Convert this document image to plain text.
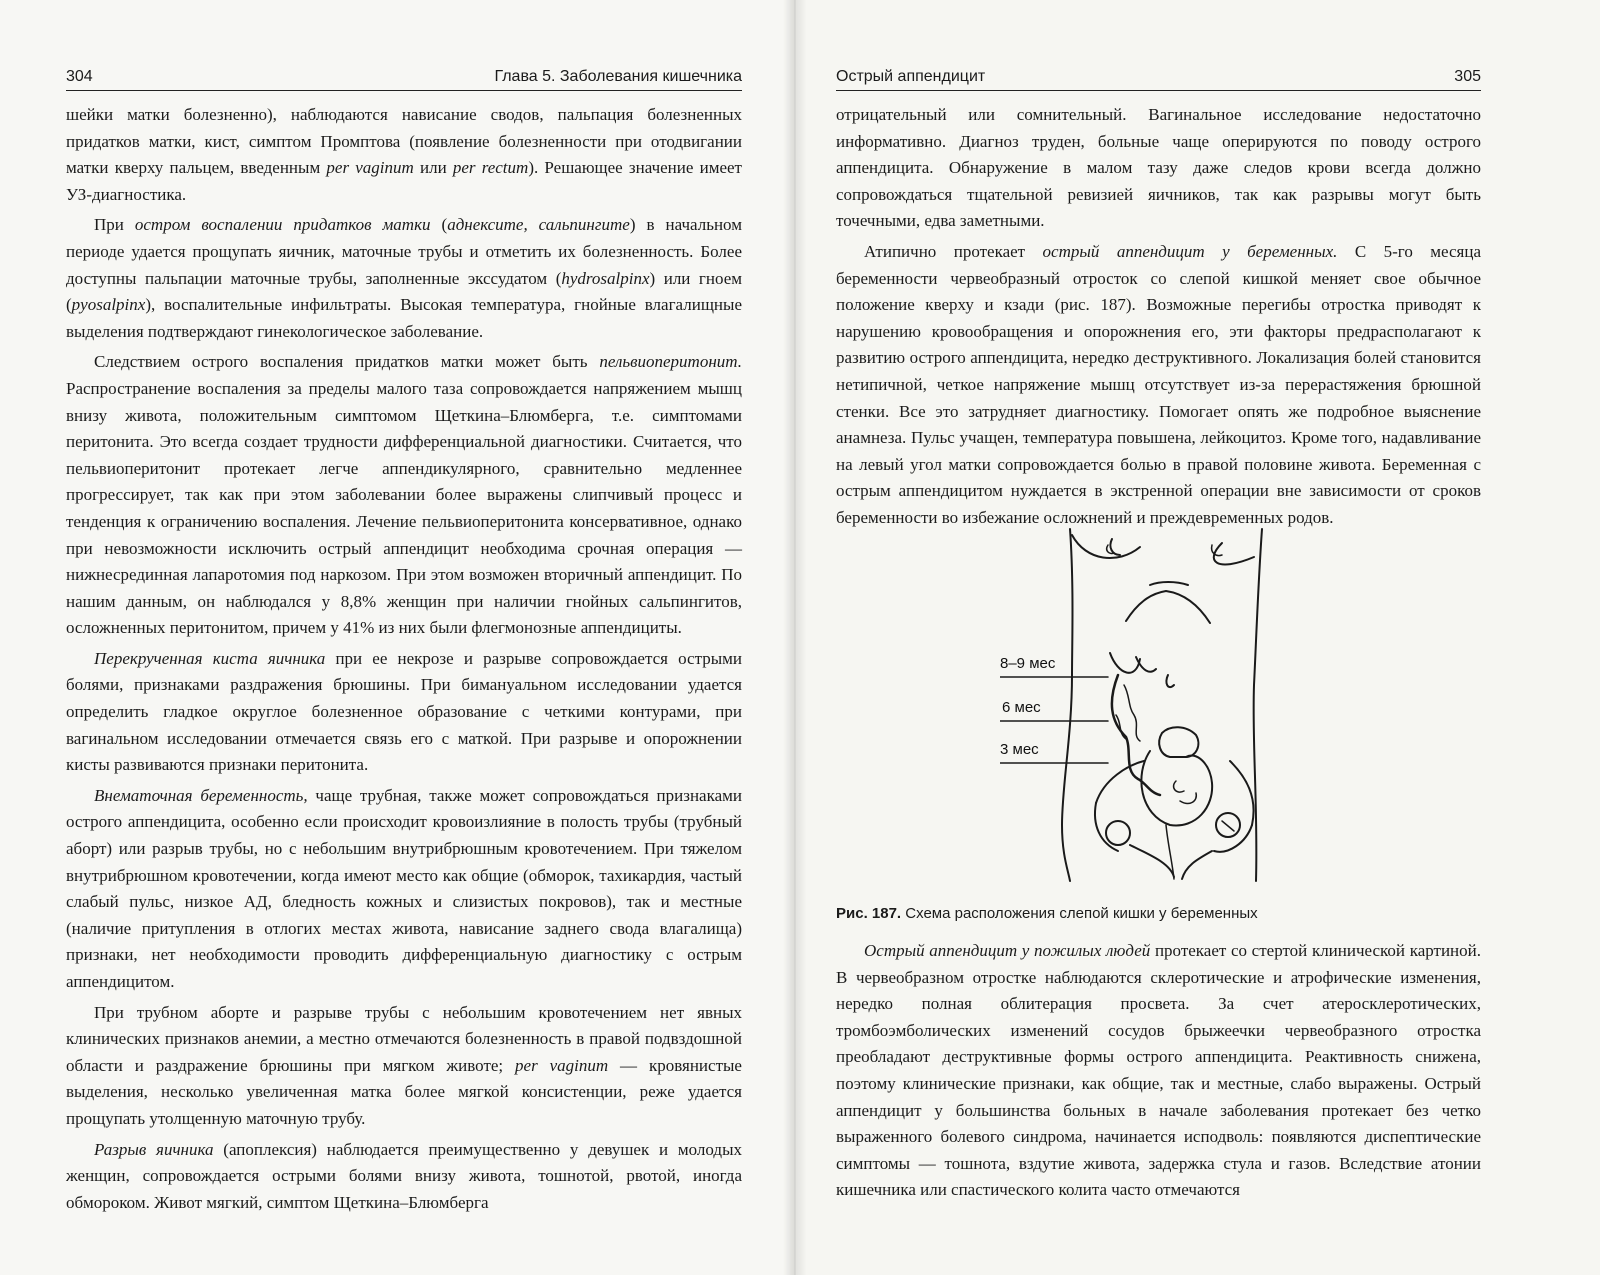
304	Глава 5. Заболевания кишечника

шейки матки болезненно), наблюдаются нависание сводов, пальпация болезненных придатков матки, кист, симптом Промптова (появление болезненности при отодвигании матки кверху пальцем, введенным per vaginum или per rectum). Решающее значение имеет УЗ-диагностика.

При остром воспалении придатков матки (аднексите, сальпингите) в начальном периоде удается прощупать яичник, маточные трубы и отметить их болезненность. Более доступны пальпации маточные трубы, заполненные экссудатом (hydrosalpinx) или гноем (pyosalpinx), воспалительные инфильтраты. Высокая температура, гнойные влагалищные выделения подтверждают гинекологическое заболевание.

Следствием острого воспаления придатков матки может быть пельвиоперитонит. Распространение воспаления за пределы малого таза сопровождается напряжением мышц внизу живота, положительным симптомом Щеткина–Блюмберга, т.е. симптомами перитонита. Это всегда создает трудности дифференциальной диагностики. Считается, что пельвиоперитонит протекает легче аппендикулярного, сравнительно медленнее прогрессирует, так как при этом заболевании более выражены слипчивый процесс и тенденция к ограничению воспаления. Лечение пельвиоперитонита консервативное, однако при невозможности исключить острый аппендицит необходима срочная операция — нижнесрединная лапаротомия под наркозом. При этом возможен вторичный аппендицит. По нашим данным, он наблюдался у 8,8% женщин при наличии гнойных сальпингитов, осложненных перитонитом, причем у 41% из них были флегмонозные аппендициты.

Перекрученная киста яичника при ее некрозе и разрыве сопровождается острыми болями, признаками раздражения брюшины. При бимануальном исследовании удается определить гладкое округлое болезненное образование с четкими контурами, при вагинальном исследовании отмечается связь его с маткой. При разрыве и опорожнении кисты развиваются признаки перитонита.

Внематочная беременность, чаще трубная, также может сопровождаться признаками острого аппендицита, особенно если происходит кровоизлияние в полость трубы (трубный аборт) или разрыв трубы, но с небольшим внутрибрюшным кровотечением. При тяжелом внутрибрюшном кровотечении, когда имеют место как общие (обморок, тахикардия, частый слабый пульс, низкое АД, бледность кожных и слизистых покровов), так и местные (наличие притупления в отлогих местах живота, нависание заднего свода влагалища) признаки, нет необходимости проводить дифференциальную диагностику с острым аппендицитом.

При трубном аборте и разрыве трубы с небольшим кровотечением нет явных клинических признаков анемии, а местно отмечаются болезненность в правой подвздошной области и раздражение брюшины при мягком животе; per vaginum — кровянистые выделения, несколько увеличенная матка более мягкой консистенции, реже удается прощупать утолщенную маточную трубу.

Разрыв яичника (апоплексия) наблюдается преимущественно у девушек и молодых женщин, сопровождается острыми болями внизу живота, тошнотой, рвотой, иногда обмороком. Живот мягкий, симптом Щеткина–Блюмберга

Острый аппендицит	305

отрицательный или сомнительный. Вагинальное исследование недостаточно информативно. Диагноз труден, больные чаще оперируются по поводу острого аппендицита. Обнаружение в малом тазу даже следов крови всегда должно сопровождаться тщательной ревизией яичников, так как разрывы могут быть точечными, едва заметными.

Атипично протекает острый аппендицит у беременных. С 5-го месяца беременности червеобразный отросток со слепой кишкой меняет свое обычное положение кверху и кзади (рис. 187). Возможные перегибы отростка приводят к нарушению кровообращения и опорожнения его, эти факторы предрасполагают к развитию острого аппендицита, нередко деструктивного. Локализация болей становится нетипичной, четкое напряжение мышц отсутствует из-за перерастяжения брюшной стенки. Все это затрудняет диагностику. Помогает опять же подробное выяснение анамнеза. Пульс учащен, температура повышена, лейкоцитоз. Кроме того, надавливание на левый угол матки сопровождается болью в правой половине живота. Беременная с острым аппендицитом нуждается в экстренной операции вне зависимости от сроков беременности во избежание осложнений и преждевременных родов.

8–9 мес
6 мес
3 мес
Рис. 187. Схема расположения слепой кишки у беременных

Острый аппендицит у пожилых людей протекает со стертой клинической картиной. В червеобразном отростке наблюдаются склеротические и атрофические изменения, нередко полная облитерация просвета. За счет атеросклеротических, тромбоэмболических изменений сосудов брыжеечки червеобразного отростка преобладают деструктивные формы острого аппендицита. Реактивность снижена, поэтому клинические признаки, как общие, так и местные, слабо выражены. Острый аппендицит у большинства больных в начале заболевания протекает без четко выраженного болевого синдрома, начинается исподволь: появляются диспептические симптомы — тошнота, вздутие живота, задержка стула и газов. Вследствие атонии кишечника или спастического колита часто отмечаются
